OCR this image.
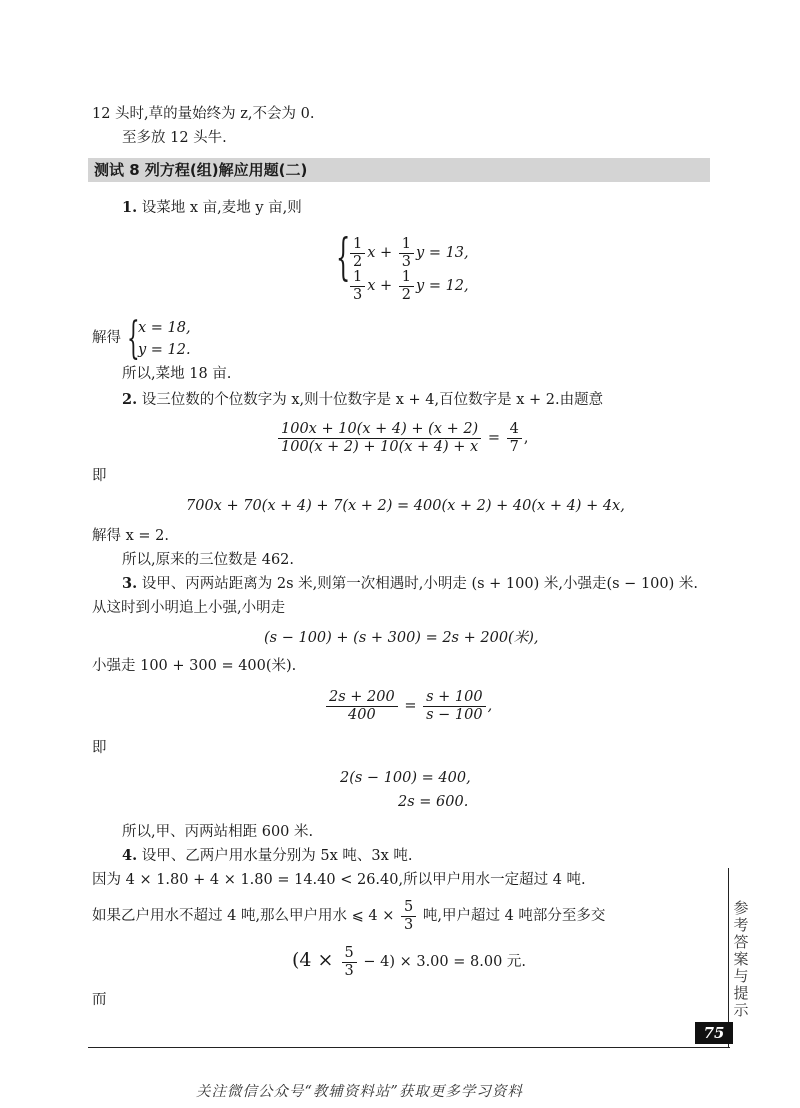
12 头时,草的量始终为 z,不会为 0.
至多放 12 头牛.
测试 8 列方程(组)解应用题(二)
1. 设菜地 x 亩,麦地 y 亩,则
{ $\frac{1}{2}$ $x + \frac{1}{3}$ y = 13,
$\frac{1}{3}$ $x + \frac{1}{2}$ y = 12,
解得 {
x = 18,
y = 12.
所以,菜地 18 亩.
2. 设三位数的个位数字为 x,则十位数字是 x + 4,百位数字是 x + 2.由题意
$\frac{100x + 10(x + 4) + (x + 2)}{100(x + 2) + 10(x + 4) + x} = \frac{4}{7}$ ,
即
700x + 70(x + 4) + 7(x + 2) = 400(x + 2) + 40(x + 4) + 4x,
解得 x = 2.
所以,原来的三位数是 462.
3. 设甲、丙两站距离为 2s 米,则第一次相遇时,小明走 (s + 100) 米,小强走(s − 100) 米.
从这时到小明追上小强,小明走
(s − 100) + (s + 300) = 2s + 200(米),
小强走 100 + 300 = 400(米).
$\frac{2s + 200}{400} = \frac{s + 100}{s - 100}$ ,
即
2(s − 100) = 400,
2s = 600.
所以,甲、丙两站相距 600 米.
4. 设甲、乙两户用水量分别为 5x 吨、3x 吨.
因为 4 × 1.80 + 4 × 1.80 = 14.40 < 26.40,所以甲户用水一定超过 4 吨.
如果乙户用水不超过 4 吨,那么甲户用水 ⩽ $4 \times \frac{5}{3}$ 吨,甲户超过 4 吨部分至多交
$(4 \times \frac{5}{3} - 4) \times 3.00 = 8.00$ 元.
而
参考答案与提示
75
关注微信公众号“教辅资料站”获取更多学习资料
